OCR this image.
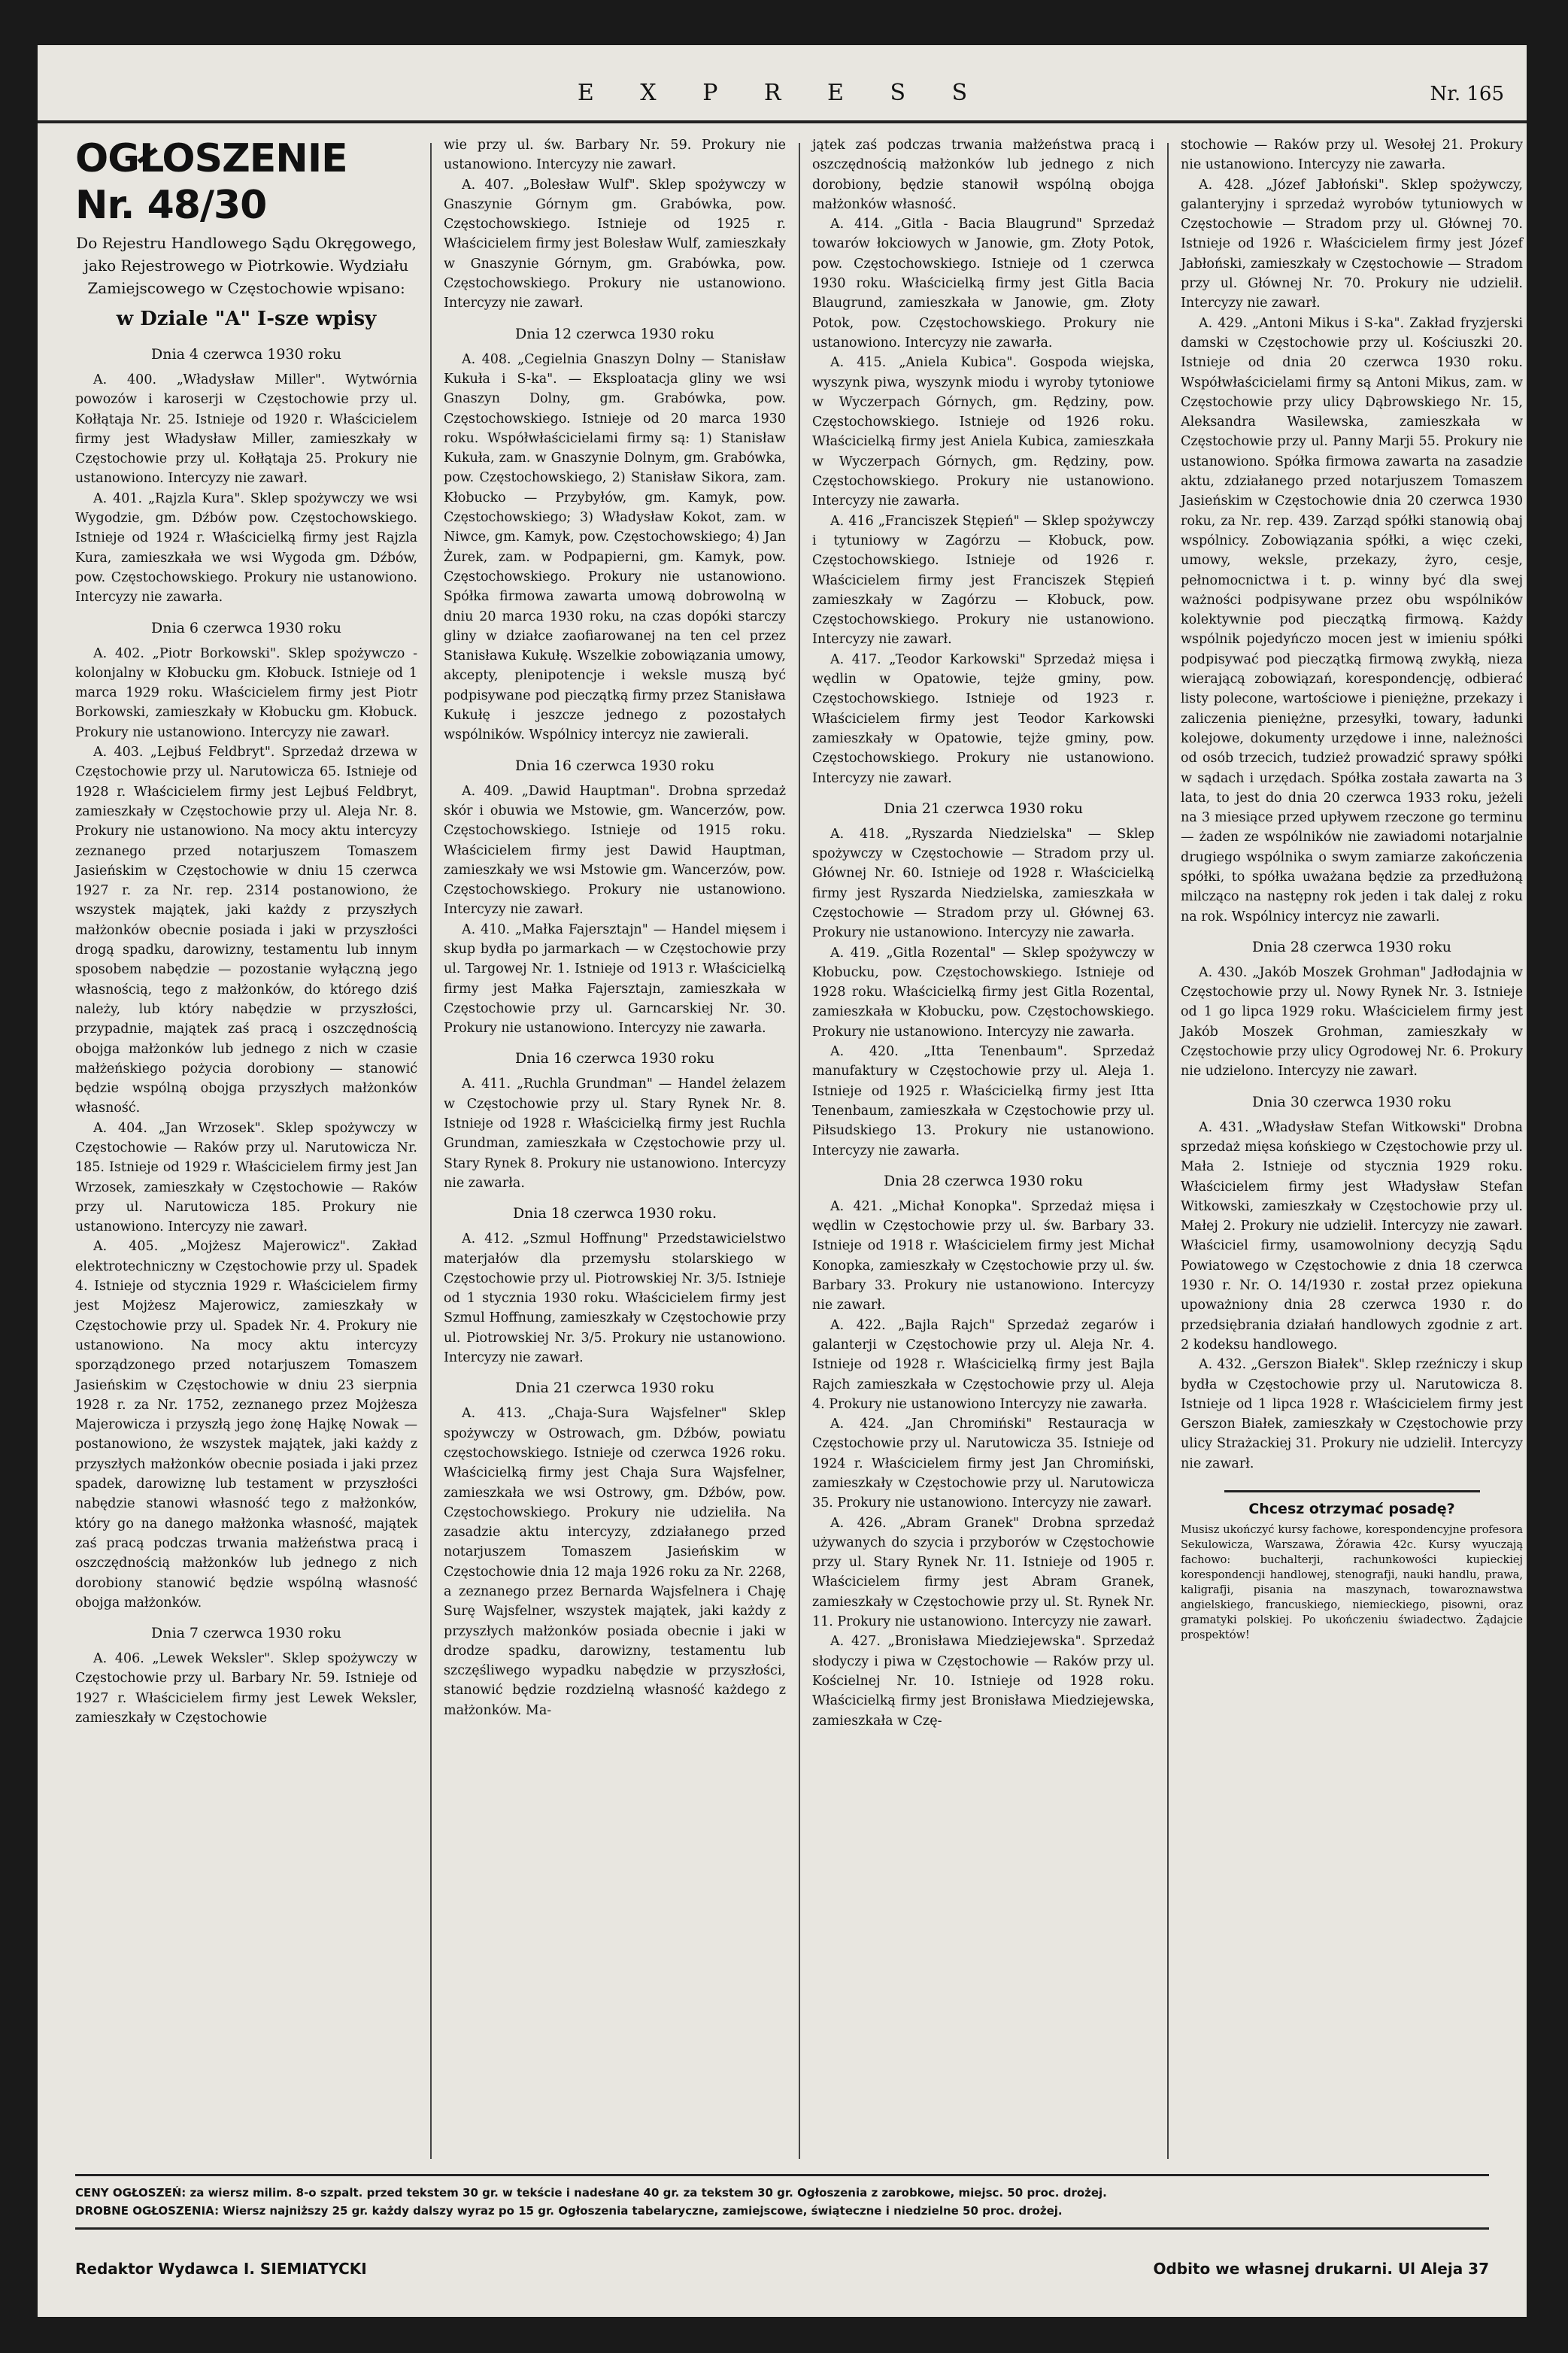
E X P R E S S	Nr. 165
OGŁOSZENIE Nr. 48/30
Do Rejestru Handlowego Sądu Okręgowego, jako Rejestrowego w Piotrkowie. Wydziału Zamiejscowego w Częstochowie wpisano:
w Dziale "A" I-sze wpisy

Dnia 4 czerwca 1930 roku

A. 400. „Władysław Miller". Wytwórnia powozów i karoserji w Częstochowie przy ul. Kołłątaja Nr. 25. Istnieje od 1920 r. Właścicielem firmy jest Władysław Miller, zamieszkały w Częstochowie przy ul. Kołłątaja 25. Prokury nie ustanowiono. Intercyzy nie zawarł.

A. 401. „Rajzla Kura". Sklep spożywczy we wsi Wygodzie, gm. Dźbów pow. Częstochowskiego. Istnieje od 1924 r. Właścicielką firmy jest Rajzla Kura, zamieszkała we wsi Wygoda gm. Dźbów, pow. Częstochowskiego. Prokury nie ustanowiono. Intercyzy nie zawarła.

Dnia 6 czerwca 1930 roku

A. 402. „Piotr Borkowski". Sklep spożywczo - kolonjalny w Kłobucku gm. Kłobuck. Istnieje od 1 marca 1929 roku. Właścicielem firmy jest Piotr Borkowski, zamieszkały w Kłobucku gm. Kłobuck. Prokury nie ustanowiono. Intercyzy nie zawarł.

A. 403. „Lejbuś Feldbryt". Sprzedaż drzewa w Częstochowie przy ul. Narutowicza 65. Istnieje od 1928 r. Właścicielem firmy jest Lejbuś Feldbryt, zamieszkały w Częstochowie przy ul. Aleja Nr. 8. Prokury nie ustanowiono. Na mocy aktu intercyzy zeznanego przed notarjuszem Tomaszem Jasieńskim w Częstochowie w dniu 15 czerwca 1927 r. za Nr. rep. 2314 postanowiono, że wszystek majątek, jaki każdy z przyszłych małżonków obecnie posiada i jaki w przyszłości drogą spadku, darowizny, testamentu lub innym sposobem nabędzie — pozostanie wyłączną jego własnością, tego z małżonków, do którego dziś należy, lub który nabędzie w przyszłości, przypadnie, majątek zaś pracą i oszczędnością obojga małżonków lub jednego z nich w czasie małżeńskiego pożycia dorobiony — stanowić będzie wspólną obojga przyszłych małżonków własność.

A. 404. „Jan Wrzosek". Sklep spożywczy w Częstochowie — Raków przy ul. Narutowicza Nr. 185. Istnieje od 1929 r. Właścicielem firmy jest Jan Wrzosek, zamieszkały w Częstochowie — Raków przy ul. Narutowicza 185. Prokury nie ustanowiono. Intercyzy nie zawarł.

A. 405. „Mojżesz Majerowicz". Zakład elektrotechniczny w Częstochowie przy ul. Spadek 4. Istnieje od stycznia 1929 r. Właścicielem firmy jest Mojżesz Majerowicz, zamieszkały w Częstochowie przy ul. Spadek Nr. 4. Prokury nie ustanowiono. Na mocy aktu intercyzy sporządzonego przed notarjuszem Tomaszem Jasieńskim w Częstochowie w dniu 23 sierpnia 1928 r. za Nr. 1752, zeznanego przez Mojżesza Majerowicza i przyszłą jego żonę Hajkę Nowak — postanowiono, że wszystek majątek, jaki każdy z przyszłych małżonków obecnie posiada i jaki przez spadek, darowiznę lub testament w przyszłości nabędzie stanowi własność tego z małżonków, który go na danego małżonka własność, majątek zaś pracą podczas trwania małżeństwa pracą i oszczędnością małżonków lub jednego z nich dorobiony stanowić będzie wspólną własność obojga małżonków.

Dnia 7 czerwca 1930 roku

A. 406. „Lewek Weksler". Sklep spożywczy w Częstochowie przy ul. Barbary Nr. 59. Istnieje od 1927 r. Właścicielem firmy jest Lewek Weksler, zamieszkały w Częstochowie

wie przy ul. św. Barbary Nr. 59. Prokury nie ustanowiono. Intercyzy nie zawarł.

A. 407. „Bolesław Wulf". Sklep spożywczy w Gnaszynie Górnym gm. Grabówka, pow. Częstochowskiego. Istnieje od 1925 r. Właścicielem firmy jest Bolesław Wulf, zamieszkały w Gnaszynie Górnym, gm. Grabówka, pow. Częstochowskiego. Prokury nie ustanowiono. Intercyzy nie zawarł.

Dnia 12 czerwca 1930 roku

A. 408. „Cegielnia Gnaszyn Dolny — Stanisław Kukuła i S-ka". — Eksploatacja gliny we wsi Gnaszyn Dolny, gm. Grabówka, pow. Częstochowskiego. Istnieje od 20 marca 1930 roku. Współwłaścicielami firmy są: 1) Stanisław Kukuła, zam. w Gnaszynie Dolnym, gm. Grabówka, pow. Częstochowskiego, 2) Stanisław Sikora, zam. Kłobucko — Przybyłów, gm. Kamyk, pow. Częstochowskiego; 3) Władysław Kokot, zam. w Niwce, gm. Kamyk, pow. Częstochowskiego; 4) Jan Żurek, zam. w Podpapierni, gm. Kamyk, pow. Częstochowskiego. Prokury nie ustanowiono. Spółka firmowa zawarta umową dobrowolną w dniu 20 marca 1930 roku, na czas dopóki starczy gliny w działce zaofiarowanej na ten cel przez Stanisława Kukułę. Wszelkie zobowiązania umowy, akcepty, plenipotencje i weksle muszą być podpisywane pod pieczątką firmy przez Stanisława Kukułę i jeszcze jednego z pozostałych wspólników. Wspólnicy intercyz nie zawierali.

Dnia 16 czerwca 1930 roku

A. 409. „Dawid Hauptman". Drobna sprzedaż skór i obuwia we Mstowie, gm. Wancerzów, pow. Częstochowskiego. Istnieje od 1915 roku. Właścicielem firmy jest Dawid Hauptman, zamieszkały we wsi Mstowie gm. Wancerzów, pow. Częstochowskiego. Prokury nie ustanowiono. Intercyzy nie zawarł.

A. 410. „Małka Fajersztajn" — Handel mięsem i skup bydła po jarmarkach — w Częstochowie przy ul. Targowej Nr. 1. Istnieje od 1913 r. Właścicielką firmy jest Małka Fajersztajn, zamieszkała w Częstochowie przy ul. Garncarskiej Nr. 30. Prokury nie ustanowiono. Intercyzy nie zawarła.

Dnia 16 czerwca 1930 roku

A. 411. „Ruchla Grundman" — Handel żelazem w Częstochowie przy ul. Stary Rynek Nr. 8. Istnieje od 1928 r. Właścicielką firmy jest Ruchla Grundman, zamieszkała w Częstochowie przy ul. Stary Rynek 8. Prokury nie ustanowiono. Intercyzy nie zawarła.

Dnia 18 czerwca 1930 roku.

A. 412. „Szmul Hoffnung" Przedstawicielstwo materjałów dla przemysłu stolarskiego w Częstochowie przy ul. Piotrowskiej Nr. 3/5. Istnieje od 1 stycznia 1930 roku. Właścicielem firmy jest Szmul Hoffnung, zamieszkały w Częstochowie przy ul. Piotrowskiej Nr. 3/5. Prokury nie ustanowiono. Intercyzy nie zawarł.

Dnia 21 czerwca 1930 roku

A. 413. „Chaja-Sura Wajsfelner" Sklep spożywczy w Ostrowach, gm. Dźbów, powiatu częstochowskiego. Istnieje od czerwca 1926 roku. Właścicielką firmy jest Chaja Sura Wajsfelner, zamieszkała we wsi Ostrowy, gm. Dźbów, pow. Częstochowskiego. Prokury nie udzieliła. Na zasadzie aktu intercyzy, zdziałanego przed notarjuszem Tomaszem Jasieńskim w Częstochowie dnia 12 maja 1926 roku za Nr. 2268, a zeznanego przez Bernarda Wajsfelnera i Chaję Surę Wajsfelner, wszystek majątek, jaki każdy z przyszłych małżonków posiada obecnie i jaki w drodze spadku, darowizny, testamentu lub szczęśliwego wypadku nabędzie w przyszłości, stanowić będzie rozdzielną własność każdego z małżonków. Ma-

jątek zaś podczas trwania małżeństwa pracą i oszczędnością małżonków lub jednego z nich dorobiony, będzie stanowił wspólną obojga małżonków własność.

A. 414. „Gitla - Bacia Blaugrund" Sprzedaż towarów łokciowych w Janowie, gm. Złoty Potok, pow. Częstochowskiego. Istnieje od 1 czerwca 1930 roku. Właścicielką firmy jest Gitla Bacia Blaugrund, zamieszkała w Janowie, gm. Złoty Potok, pow. Częstochowskiego. Prokury nie ustanowiono. Intercyzy nie zawarła.

A. 415. „Aniela Kubica". Gospoda wiejska, wyszynk piwa, wyszynk miodu i wyroby tytoniowe w Wyczerpach Górnych, gm. Rędziny, pow. Częstochowskiego. Istnieje od 1926 roku. Właścicielką firmy jest Aniela Kubica, zamieszkała w Wyczerpach Górnych, gm. Rędziny, pow. Częstochowskiego. Prokury nie ustanowiono. Intercyzy nie zawarła.

A. 416 „Franciszek Stępień" — Sklep spożywczy i tytuniowy w Zagórzu — Kłobuck, pow. Częstochowskiego. Istnieje od 1926 r. Właścicielem firmy jest Franciszek Stępień zamieszkały w Zagórzu — Kłobuck, pow. Częstochowskiego. Prokury nie ustanowiono. Intercyzy nie zawarł.

A. 417. „Teodor Karkowski" Sprzedaż mięsa i wędlin w Opatowie, tejże gminy, pow. Częstochowskiego. Istnieje od 1923 r. Właścicielem firmy jest Teodor Karkowski zamieszkały w Opatowie, tejże gminy, pow. Częstochowskiego. Prokury nie ustanowiono. Intercyzy nie zawarł.

Dnia 21 czerwca 1930 roku

A. 418. „Ryszarda Niedzielska" — Sklep spożywczy w Częstochowie — Stradom przy ul. Głównej Nr. 60. Istnieje od 1928 r. Właścicielką firmy jest Ryszarda Niedzielska, zamieszkała w Częstochowie — Stradom przy ul. Głównej 63. Prokury nie ustanowiono. Intercyzy nie zawarła.

A. 419. „Gitla Rozental" — Sklep spożywczy w Kłobucku, pow. Częstochowskiego. Istnieje od 1928 roku. Właścicielką firmy jest Gitla Rozental, zamieszkała w Kłobucku, pow. Częstochowskiego. Prokury nie ustanowiono. Intercyzy nie zawarła.

A. 420. „Itta Tenenbaum". Sprzedaż manufaktury w Częstochowie przy ul. Aleja 1. Istnieje od 1925 r. Właścicielką firmy jest Itta Tenenbaum, zamieszkała w Częstochowie przy ul. Piłsudskiego 13. Prokury nie ustanowiono. Intercyzy nie zawarła.

Dnia 28 czerwca 1930 roku

A. 421. „Michał Konopka". Sprzedaż mięsa i wędlin w Częstochowie przy ul. św. Barbary 33. Istnieje od 1918 r. Właścicielem firmy jest Michał Konopka, zamieszkały w Częstochowie przy ul. św. Barbary 33. Prokury nie ustanowiono. Intercyzy nie zawarł.

A. 422. „Bajla Rajch" Sprzedaż zegarów i galanterji w Częstochowie przy ul. Aleja Nr. 4. Istnieje od 1928 r. Właścicielką firmy jest Bajla Rajch zamieszkała w Częstochowie przy ul. Aleja 4. Prokury nie ustanowiono Intercyzy nie zawarła.

A. 424. „Jan Chromiński" Restauracja w Częstochowie przy ul. Narutowicza 35. Istnieje od 1924 r. Właścicielem firmy jest Jan Chromiński, zamieszkały w Częstochowie przy ul. Narutowicza 35. Prokury nie ustanowiono. Intercyzy nie zawarł.

A. 426. „Abram Granek" Drobna sprzedaż używanych do szycia i przyborów w Częstochowie przy ul. Stary Rynek Nr. 11. Istnieje od 1905 r. Właścicielem firmy jest Abram Granek, zamieszkały w Częstochowie przy ul. St. Rynek Nr. 11. Prokury nie ustanowiono. Intercyzy nie zawarł.

A. 427. „Bronisława Miedziejewska". Sprzedaż słodyczy i piwa w Częstochowie — Raków przy ul. Kościelnej Nr. 10. Istnieje od 1928 roku. Właścicielką firmy jest Bronisława Miedziejewska, zamieszkała w Czę-

stochowie — Raków przy ul. Wesołej 21. Prokury nie ustanowiono. Intercyzy nie zawarła.

A. 428. „Józef Jabłoński". Sklep spożywczy, galanteryjny i sprzedaż wyrobów tytuniowych w Częstochowie — Stradom przy ul. Głównej 70. Istnieje od 1926 r. Właścicielem firmy jest Józef Jabłoński, zamieszkały w Częstochowie — Stradom przy ul. Głównej Nr. 70. Prokury nie udzielił. Intercyzy nie zawarł.

A. 429. „Antoni Mikus i S-ka". Zakład fryzjerski damski w Częstochowie przy ul. Kościuszki 20. Istnieje od dnia 20 czerwca 1930 roku. Współwłaścicielami firmy są Antoni Mikus, zam. w Częstochowie przy ulicy Dąbrowskiego Nr. 15, Aleksandra Wasilewska, zamieszkała w Częstochowie przy ul. Panny Marji 55. Prokury nie ustanowiono. Spółka firmowa zawarta na zasadzie aktu, zdziałanego przed notarjuszem Tomaszem Jasieńskim w Częstochowie dnia 20 czerwca 1930 roku, za Nr. rep. 439. Zarząd spółki stanowią obaj wspólnicy. Zobowiązania spółki, a więc czeki, umowy, weksle, przekazy, żyro, cesje, pełnomocnictwa i t. p. winny być dla swej ważności podpisywane przez obu wspólników kolektywnie pod pieczątką firmową. Każdy wspólnik pojedyńczo mocen jest w imieniu spółki podpisywać pod pieczątką firmową zwykłą, nieza wierającą zobowiązań, korespondencję, odbierać listy polecone, wartościowe i pieniężne, przekazy i zaliczenia pieniężne, przesyłki, towary, ładunki kolejowe, dokumenty urzędowe i inne, należności od osób trzecich, tudzież prowadzić sprawy spółki w sądach i urzędach. Spółka została zawarta na 3 lata, to jest do dnia 20 czerwca 1933 roku, jeżeli na 3 miesiące przed upływem rzeczone go terminu — żaden ze wspólników nie zawiadomi notarjalnie drugiego wspólnika o swym zamiarze zakończenia spółki, to spółka uważana będzie za przedłużoną milcząco na następny rok jeden i tak dalej z roku na rok. Wspólnicy intercyz nie zawarli.

Dnia 28 czerwca 1930 roku

A. 430. „Jakób Moszek Grohman" Jadłodajnia w Częstochowie przy ul. Nowy Rynek Nr. 3. Istnieje od 1 go lipca 1929 roku. Właścicielem firmy jest Jakób Moszek Grohman, zamieszkały w Częstochowie przy ulicy Ogrodowej Nr. 6. Prokury nie udzielono. Intercyzy nie zawarł.

Dnia 30 czerwca 1930 roku

A. 431. „Władysław Stefan Witkowski" Drobna sprzedaż mięsa końskiego w Częstochowie przy ul. Mała 2. Istnieje od stycznia 1929 roku. Właścicielem firmy jest Władysław Stefan Witkowski, zamieszkały w Częstochowie przy ul. Małej 2. Prokury nie udzielił. Intercyzy nie zawarł. Właściciel firmy, usamowolniony decyzją Sądu Powiatowego w Częstochowie z dnia 18 czerwca 1930 r. Nr. O. 14/1930 r. został przez opiekuna upoważniony dnia 28 czerwca 1930 r. do przedsiębrania działań handlowych zgodnie z art. 2 kodeksu handlowego.

A. 432. „Gerszon Białek". Sklep rzeźniczy i skup bydła w Częstochowie przy ul. Narutowicza 8. Istnieje od 1 lipca 1928 r. Właścicielem firmy jest Gerszon Białek, zamieszkały w Częstochowie przy ulicy Strażackiej 31. Prokury nie udzielił. Intercyzy nie zawarł.

Chcesz otrzymać posadę?
Musisz ukończyć kursy fachowe, korespondencyjne profesora Sekulowicza, Warszawa, Żórawia 42c. Kursy wyuczają fachowo: buchalterji, rachunkowości kupieckiej korespondencji handlowej, stenografji, nauki handlu, prawa, kaligrafji, pisania na maszynach, towaroznawstwa angielskiego, francuskiego, niemieckiego, pisowni, oraz gramatyki polskiej. Po ukończeniu świadectwo. Żądajcie prospektów!
CENY OGŁOSZEŃ: za wiersz milim. 8-o szpalt. przed tekstem 30 gr. w tekście i nadesłane 40 gr. za tekstem 30 gr. Ogłoszenia z zarobkowe, miejsc. 50 proc. drożej.
DROBNE OGŁOSZENIA: Wiersz najniższy 25 gr. każdy dalszy wyraz po 15 gr. Ogłoszenia tabelaryczne, zamiejscowe, świąteczne i niedzielne 50 proc. drożej.
Redaktor Wydawca I. SIEMIATYCKI	Odbito we własnej drukarni. Ul Aleja 37
